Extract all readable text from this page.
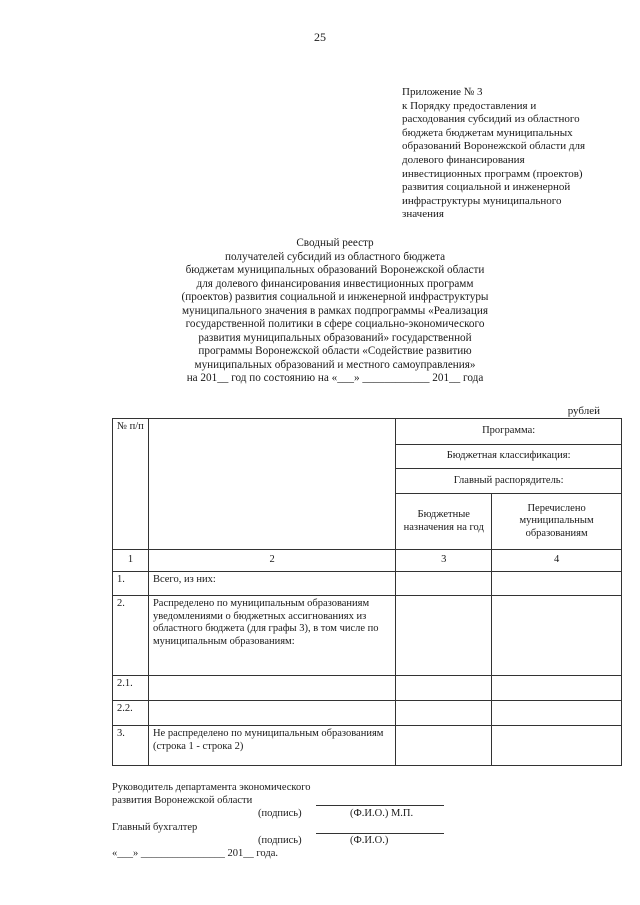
25
Приложение № 3
к Порядку предоставления и
расходования субсидий из областного
бюджета бюджетам муниципальных
образований Воронежской области для
долевого финансирования
инвестиционных программ (проектов)
развития социальной и инженерной
инфраструктуры муниципального
значения
Сводный реестр
получателей субсидий из областного бюджета
бюджетам муниципальных образований Воронежской области
для долевого финансирования инвестиционных программ
(проектов) развития социальной и инженерной инфраструктуры
муниципального значения в рамках подпрограммы «Реализация
государственной политики в сфере социально-экономического
развития муниципальных образований» государственной
программы Воронежской области «Содействие развитию
муниципальных образований и местного самоуправления»
на 201__ год по состоянию на «___» ____________ 201__ года
рублей
№ п/п		Программа:	
		Бюджетная классификация:	
		Главный распорядитель:	
		Бюджетные назначения на год	Перечислено муниципальным образованиям
1	2	3	4
1.	Всего, из них:		
2.	Распределено по муниципальным образованиям уведомлениями о бюджетных ассигнованиях из областного бюджета (для графы 3), в том числе по муниципальным образованиям:		
2.1.			
2.2.			
3.	Не распределено по муниципальным образованиям (строка 1 - строка 2)		
Руководитель департамента экономического
развития Воронежской области
(подпись)	(Ф.И.О.) М.П.
Главный бухгалтер
(подпись)	(Ф.И.О.)
«___» ________________ 201__ года.
